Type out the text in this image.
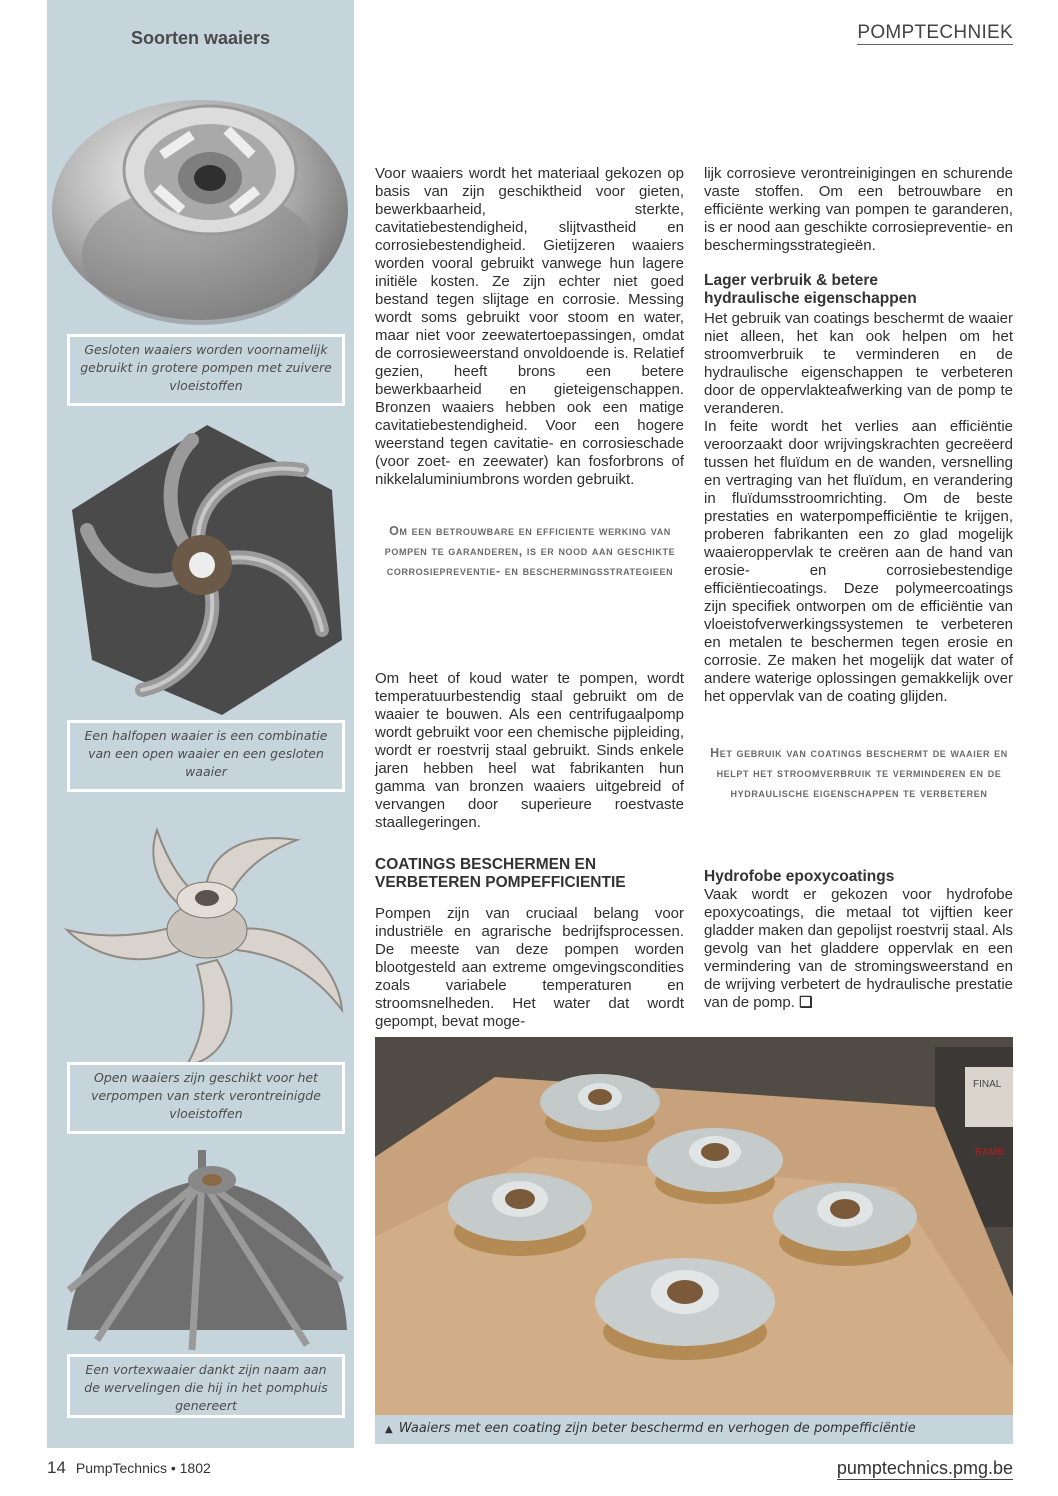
Soorten waaiers
Gesloten waaiers worden voornamelijk gebruikt in grotere pompen met zuivere vloeistoffen
Een halfopen waaier is een combinatie van een open waaier en een gesloten waaier
Open waaiers zijn geschikt voor het verpompen van sterk verontreinigde vloeistoffen
Een vortexwaaier dankt zijn naam aan de wervelingen die hij in het pomphuis genereert
POMPTECHNIEK
Voor waaiers wordt het materiaal gekozen op basis van zijn geschiktheid voor gieten, bewerkbaarheid, sterkte, cavitatiebestendigheid, slijtvastheid en corrosiebestendigheid. Gietijzeren waaiers worden vooral gebruikt vanwege hun lagere initiële kosten. Ze zijn echter niet goed bestand tegen slijtage en corrosie. Messing wordt soms gebruikt voor stoom en water, maar niet voor zeewatertoepassingen, omdat de corrosieweerstand onvoldoende is. Relatief gezien, heeft brons een betere bewerkbaarheid en gieteigenschappen. Bronzen waaiers hebben ook een matige cavitatiebestendigheid. Voor een hogere weerstand tegen cavitatie- en corrosieschade (voor zoet- en zeewater) kan fosforbrons of nikkelaluminiumbrons worden gebruikt.
Om een betrouwbare en efficiente werking van pompen te garanderen, is er nood aan geschikte corrosiepreventie- en beschermingsstrategieen
Om heet of koud water te pompen, wordt temperatuurbestendig staal gebruikt om de waaier te bouwen. Als een centrifugaalpomp wordt gebruikt voor een chemische pijpleiding, wordt er roestvrij staal gebruikt. Sinds enkele jaren hebben heel wat fabrikanten hun gamma van bronzen waaiers uitgebreid of vervangen door superieure roestvaste staallegeringen.
COATINGS BESCHERMEN EN VERBETEREN POMPEFFICIENTIE
Pompen zijn van cruciaal belang voor industriële en agrarische bedrijfsprocessen. De meeste van deze pompen worden blootgesteld aan extreme omgevingscondities zoals variabele temperaturen en stroomsnelheden. Het water dat wordt gepompt, bevat moge-
lijk corrosieve verontreinigingen en schurende vaste stoffen. Om een betrouwbare en efficiënte werking van pompen te garanderen, is er nood aan geschikte corrosiepreventie- en beschermingsstrategieën.
Lager verbruik & betere hydraulische eigenschappen
Het gebruik van coatings beschermt de waaier niet alleen, het kan ook helpen om het stroomverbruik te verminderen en de hydraulische eigenschappen te verbeteren door de oppervlakteafwerking van de pomp te veranderen.
In feite wordt het verlies aan efficiëntie veroorzaakt door wrijvingskrachten gecreëerd tussen het fluïdum en de wanden, versnelling en vertraging van het fluïdum, en verandering in fluïdumsstroomrichting. Om de beste prestaties en waterpompefficiëntie te krijgen, proberen fabrikanten een zo glad mogelijk waaieroppervlak te creëren aan de hand van erosie- en corrosiebestendige efficiëntiecoatings. Deze polymeercoatings zijn specifiek ontworpen om de efficiëntie van vloeistofverwerkingssystemen te verbeteren en metalen te beschermen tegen erosie en corrosie. Ze maken het mogelijk dat water of andere waterige oplossingen gemakkelijk over het oppervlak van de coating glijden.
Het gebruik van coatings beschermt de waaier en helpt het stroomverbruik te verminderen en de hydraulische eigenschappen te verbeteren
Hydrofobe epoxycoatings
Vaak wordt er gekozen voor hydrofobe epoxycoatings, die metaal tot vijftien keer gladder maken dan gepolijst roestvrij staal. Als gevolg van het gladdere oppervlak en een vermindering van de stromingsweerstand en de wrijving verbetert de hydraulische prestatie van de pomp. ❑
FINAL
RAMB
▲ Waaiers met een coating zijn beter beschermd en verhogen de pompefficiëntie
14 PumpTechnics • 1802	pumptechnics.pmg.be
